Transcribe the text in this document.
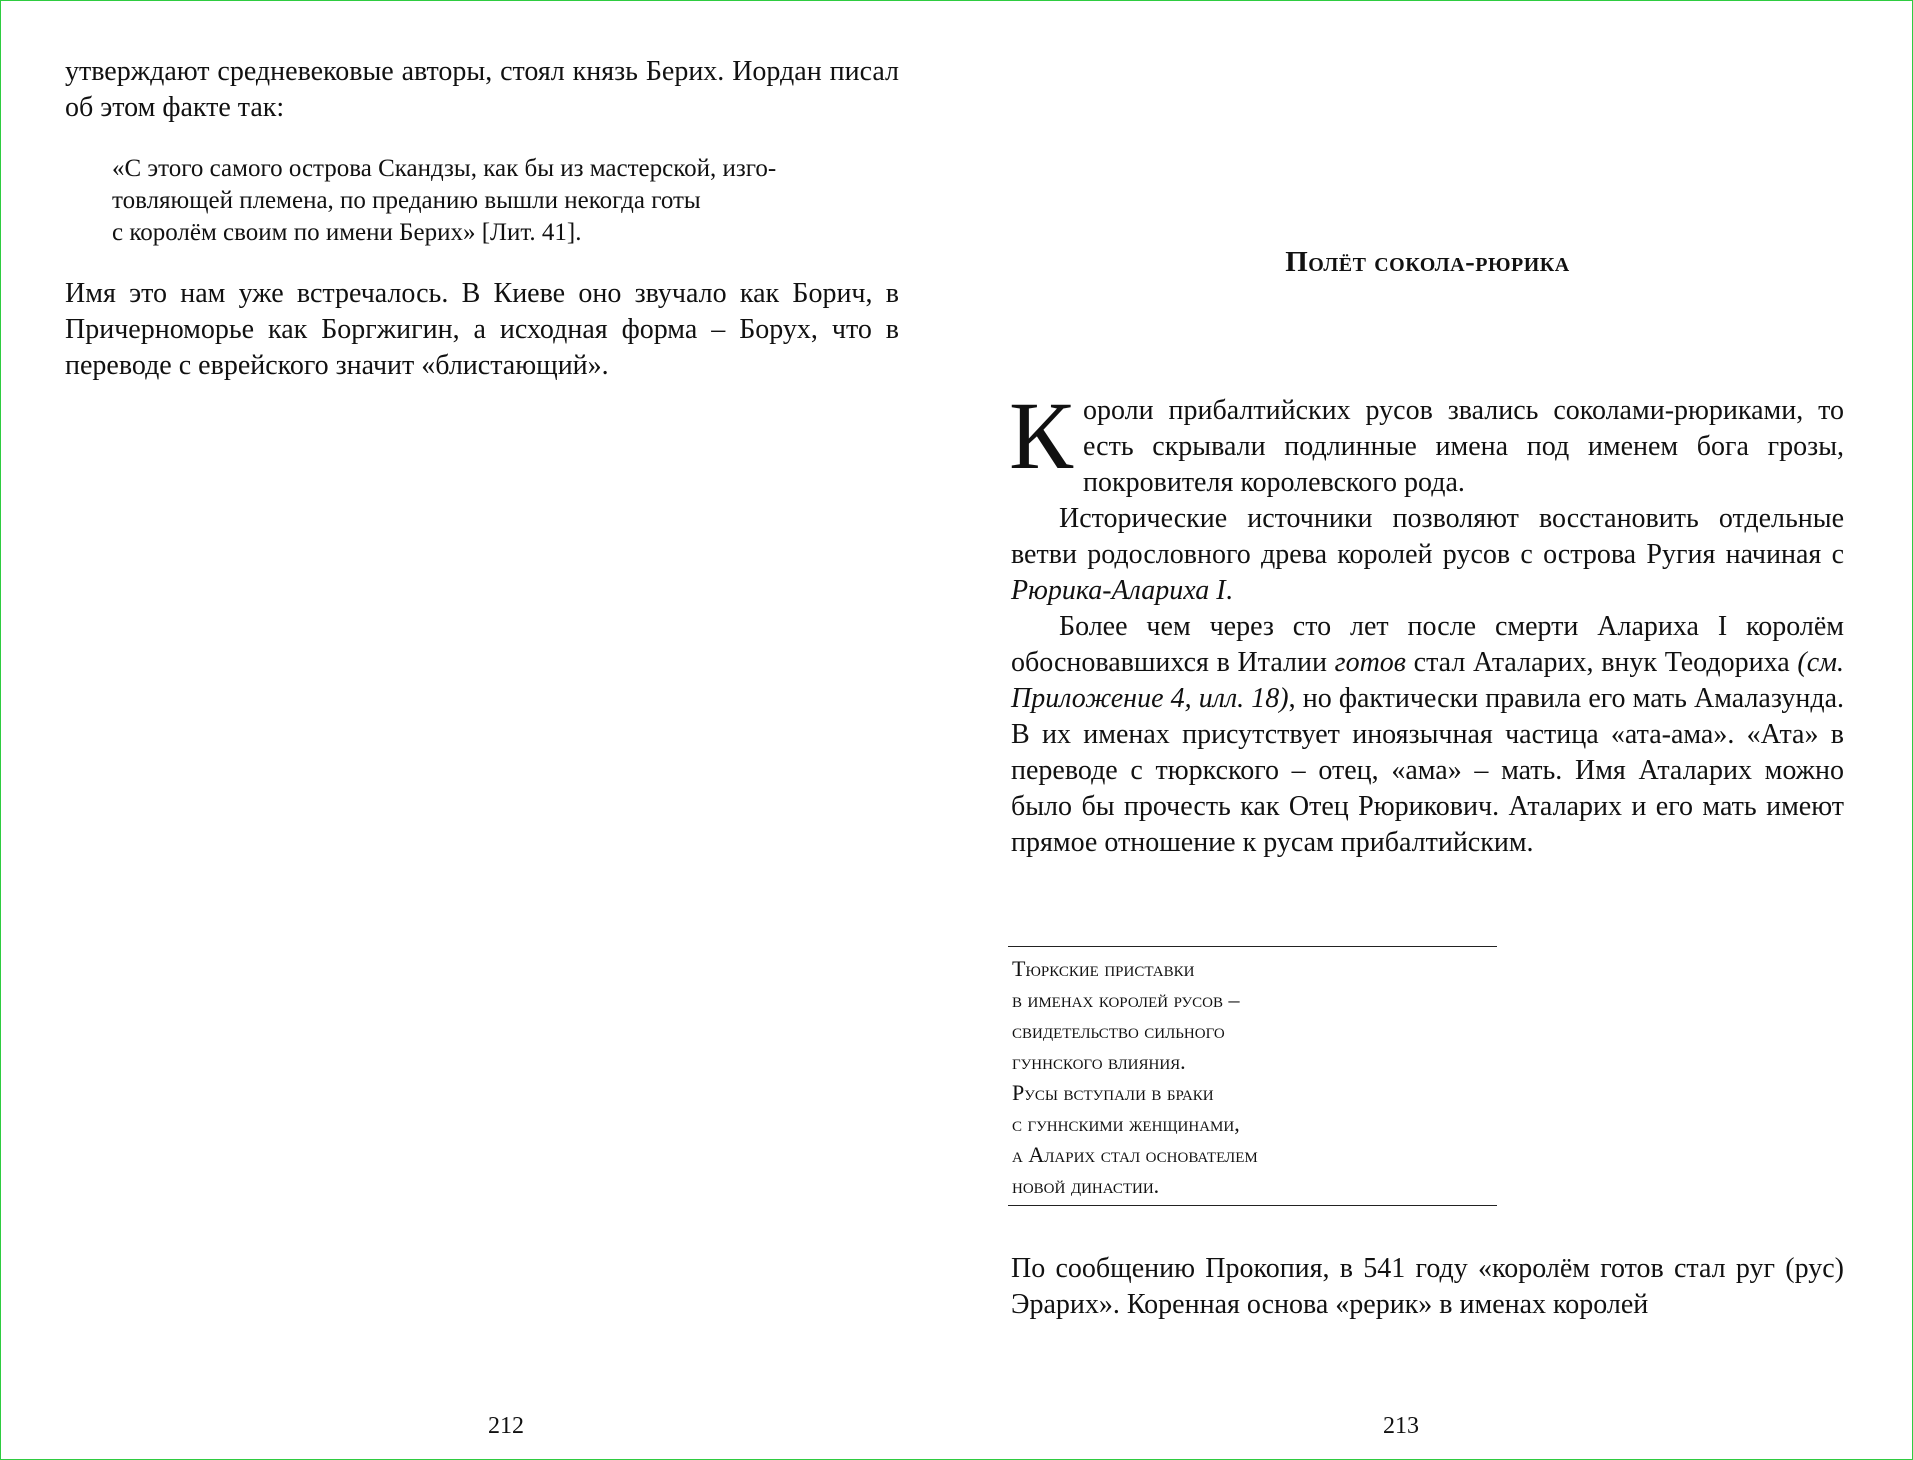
утверждают средневековые авторы, стоял князь Берих. Иордан писал об этом факте так:
«С этого самого острова Скандзы, как бы из мастерской, изго-
товляющей племена, по преданию вышли некогда готы
с королём своим по имени Берих» [Лит. 41].
Имя это нам уже встречалось. В Киеве оно звучало как Борич, в Причерноморье как Боргжигин, а исходная форма – Борух, что в переводе с еврейского значит «блистающий».
212
Полёт сокола-рюрика

Короли прибалтийских русов звались соколами-рюриками, то есть скрывали подлинные имена под именем бога грозы, покровителя королевского рода.

Исторические источники позволяют восстановить отдельные ветви родословного древа королей русов с острова Ругия начиная с Рюрика-Алариха I.

Более чем через сто лет после смерти Алариха I королём обосновавшихся в Италии готов стал Аталарих, внук Теодориха (см. Приложение 4, илл. 18), но фактически правила его мать Амалазунда. В их именах присутствует иноязычная частица «ата-ама». «Ата» в переводе с тюркского – отец, «ама» – мать. Имя Аталарих можно было бы прочесть как Отец Рюрикович. Аталарих и его мать имеют прямое отношение к русам прибалтийским.

Тюркские приставки
в именах королей русов –
свидетельство сильного
гуннского влияния.
Русы вступали в браки
с гуннскими женщинами,
а Аларих стал основателем
новой династии.
По сообщению Прокопия, в 541 году «королём готов стал руг (рус) Эрарих». Коренная основа «рерик» в именах королей
213
